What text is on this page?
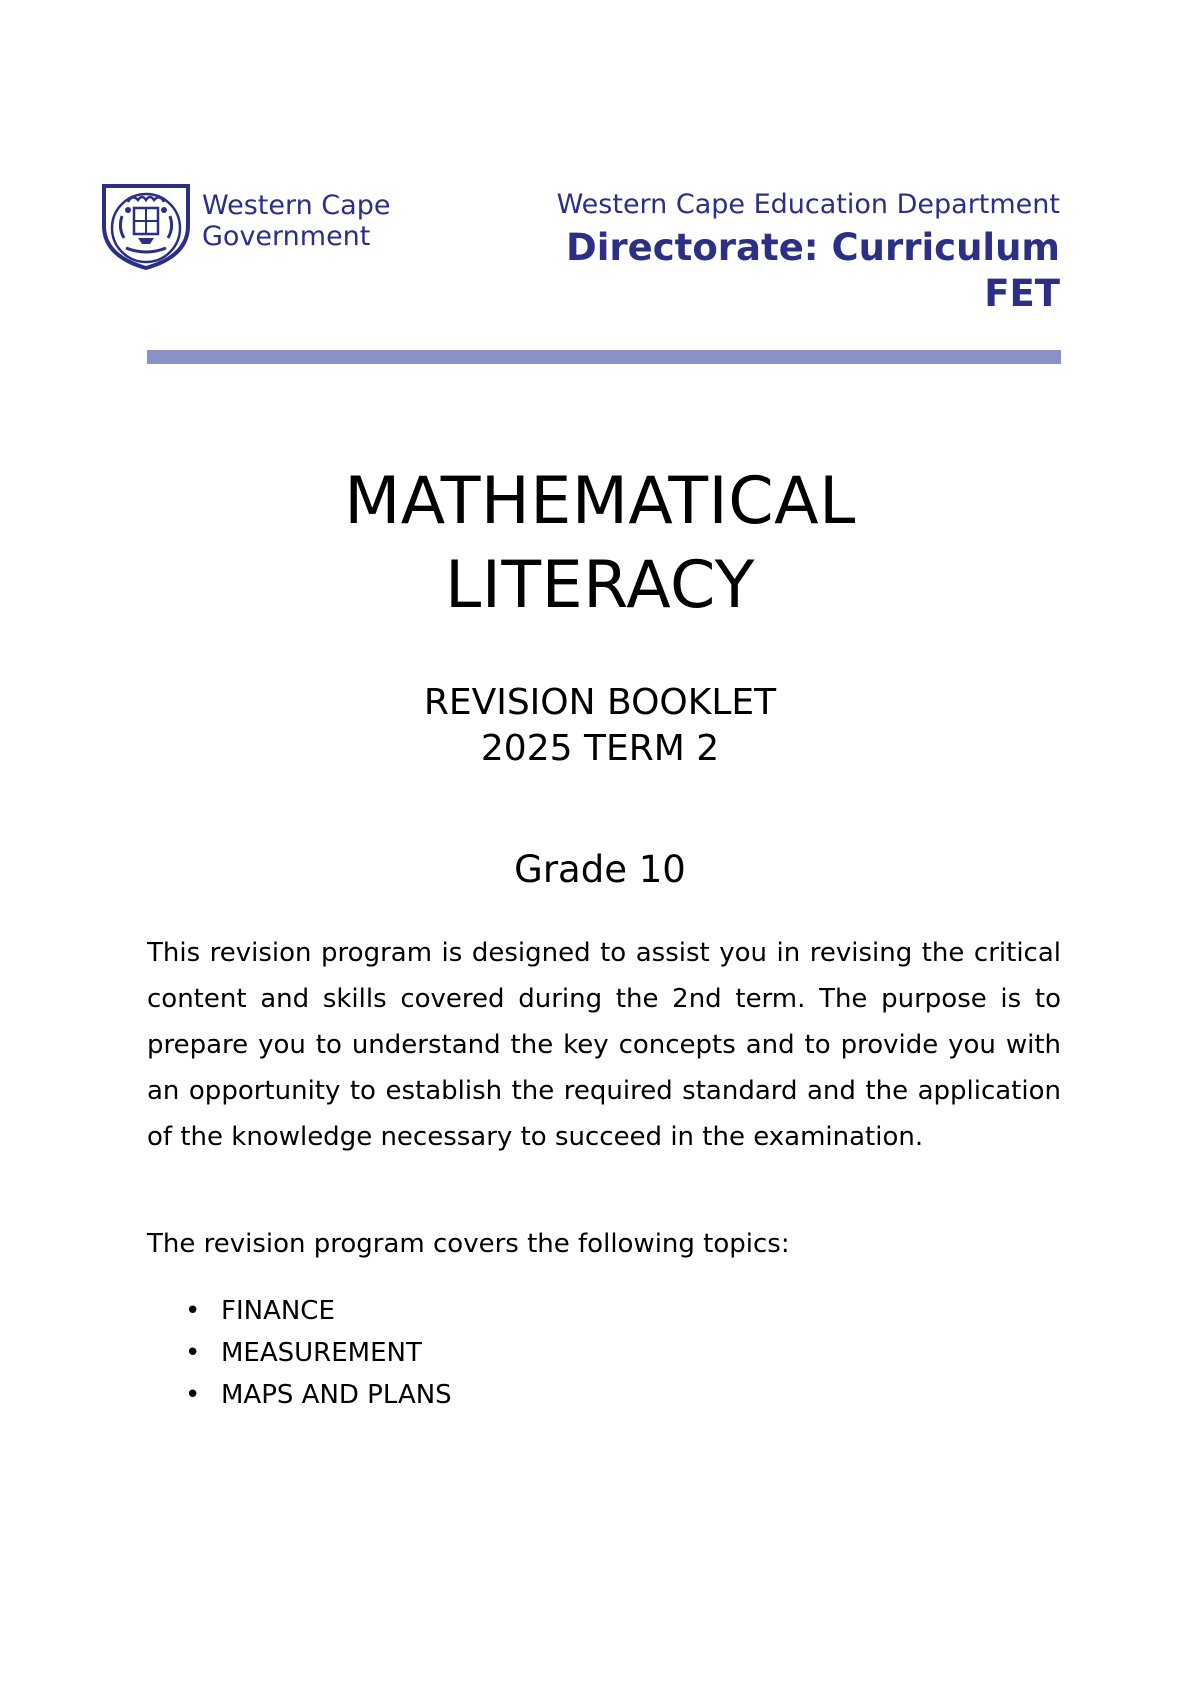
Western Cape
Government
Western Cape Education Department
Directorate: Curriculum
FET
MATHEMATICAL
LITERACY
REVISION BOOKLET
2025 TERM 2
Grade 10

This revision program is designed to assist you in revising the critical content and skills covered during the 2nd term. The purpose is to prepare you to understand the key concepts and to provide you with an opportunity to establish the required standard and the application of the knowledge necessary to succeed in the examination.

The revision program covers the following topics:

• FINANCE
• MEASUREMENT
• MAPS AND PLANS
